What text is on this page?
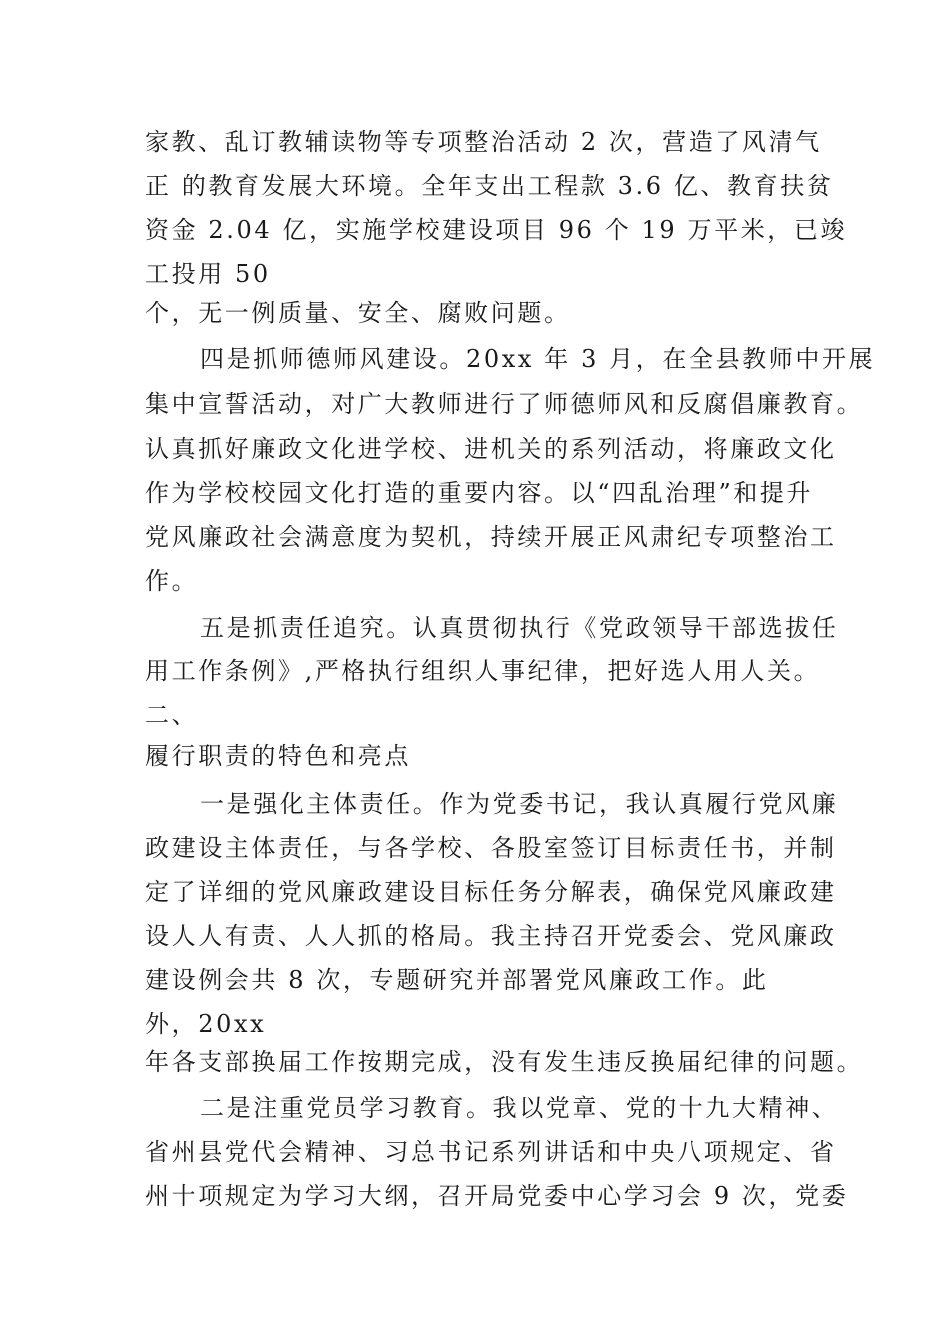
家教、乱订教辅读物等专项整治活动 2 次，营造了风清气
正 的教育发展大环境。全年支出工程款 3.6 亿、教育扶贫
资金 2.04 亿，实施学校建设项目 96 个 19 万平米，已竣
工投用 50
个，无一例质量、安全、腐败问题。
四是抓师德师风建设。20xx 年 3 月，在全县教师中开展
集中宣誓活动，对广大教师进行了师德师风和反腐倡廉教育。
认真抓好廉政文化进学校、进机关的系列活动，将廉政文化
作为学校校园文化打造的重要内容。以“四乱治理”和提升
党风廉政社会满意度为契机，持续开展正风肃纪专项整治工
作。
五是抓责任追究。认真贯彻执行《党政领导干部选拔任
用工作条例》,严格执行组织人事纪律，把好选人用人关。
二、
履行职责的特色和亮点
一是强化主体责任。作为党委书记，我认真履行党风廉
政建设主体责任，与各学校、各股室签订目标责任书，并制
定了详细的党风廉政建设目标任务分解表，确保党风廉政建
设人人有责、人人抓的格局。我主持召开党委会、党风廉政
建设例会共 8 次，专题研究并部署党风廉政工作。此
外，20xx
年各支部换届工作按期完成，没有发生违反换届纪律的问题。
二是注重党员学习教育。我以党章、党的十九大精神、
省州县党代会精神、习总书记系列讲话和中央八项规定、省
州十项规定为学习大纲，召开局党委中心学习会 9 次，党委
